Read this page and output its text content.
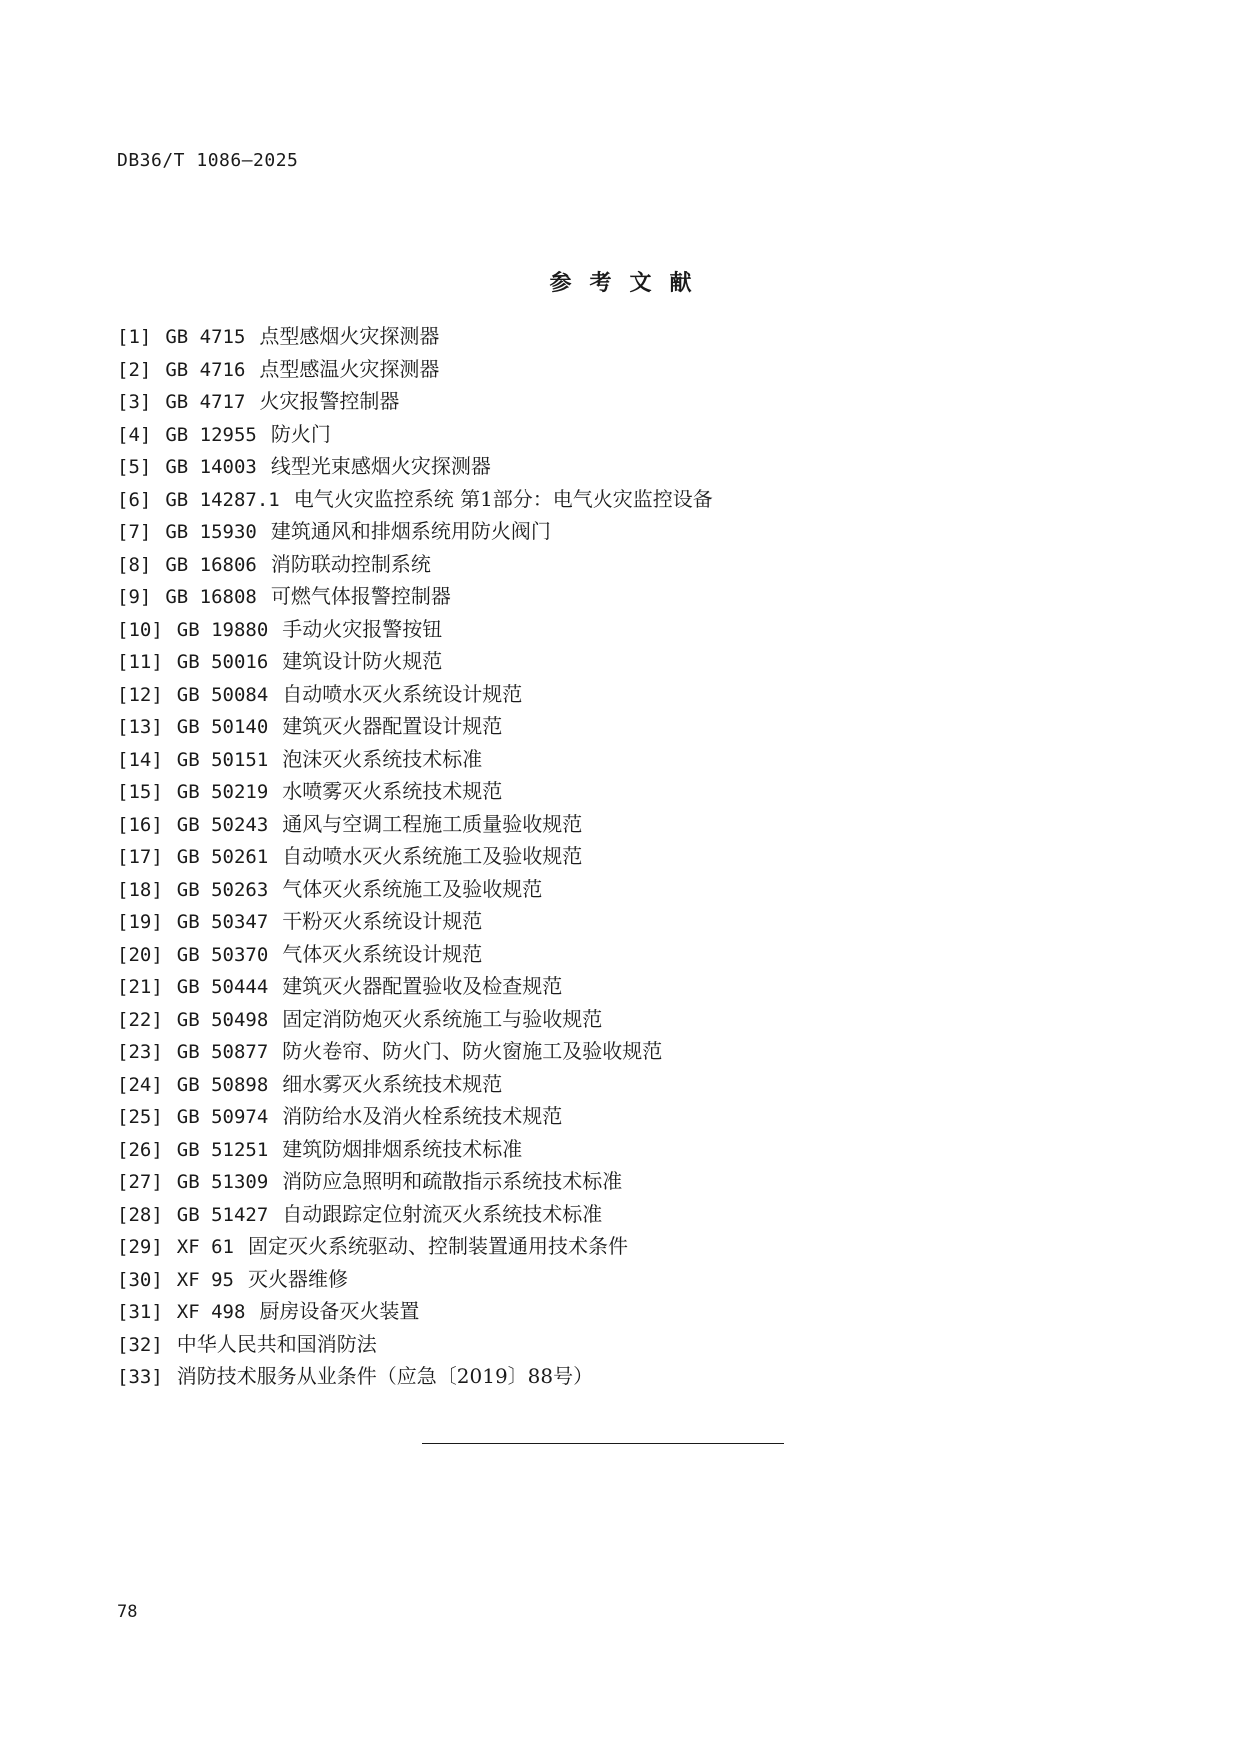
DB36/T 1086—2025
参考文献
[1] GB 4715 点型感烟火灾探测器
[2] GB 4716 点型感温火灾探测器
[3] GB 4717 火灾报警控制器
[4] GB 12955 防火门
[5] GB 14003 线型光束感烟火灾探测器
[6] GB 14287.1 电气火灾监控系统 第1部分：电气火灾监控设备
[7] GB 15930 建筑通风和排烟系统用防火阀门
[8] GB 16806 消防联动控制系统
[9] GB 16808 可燃气体报警控制器
[10] GB 19880 手动火灾报警按钮
[11] GB 50016 建筑设计防火规范
[12] GB 50084 自动喷水灭火系统设计规范
[13] GB 50140 建筑灭火器配置设计规范
[14] GB 50151 泡沫灭火系统技术标准
[15] GB 50219 水喷雾灭火系统技术规范
[16] GB 50243 通风与空调工程施工质量验收规范
[17] GB 50261 自动喷水灭火系统施工及验收规范
[18] GB 50263 气体灭火系统施工及验收规范
[19] GB 50347 干粉灭火系统设计规范
[20] GB 50370 气体灭火系统设计规范
[21] GB 50444 建筑灭火器配置验收及检查规范
[22] GB 50498 固定消防炮灭火系统施工与验收规范
[23] GB 50877 防火卷帘、防火门、防火窗施工及验收规范
[24] GB 50898 细水雾灭火系统技术规范
[25] GB 50974 消防给水及消火栓系统技术规范
[26] GB 51251 建筑防烟排烟系统技术标准
[27] GB 51309 消防应急照明和疏散指示系统技术标准
[28] GB 51427 自动跟踪定位射流灭火系统技术标准
[29] XF 61 固定灭火系统驱动、控制装置通用技术条件
[30] XF 95 灭火器维修
[31] XF 498 厨房设备灭火装置
[32] 中华人民共和国消防法
[33] 消防技术服务从业条件（应急〔2019〕88号）
78
